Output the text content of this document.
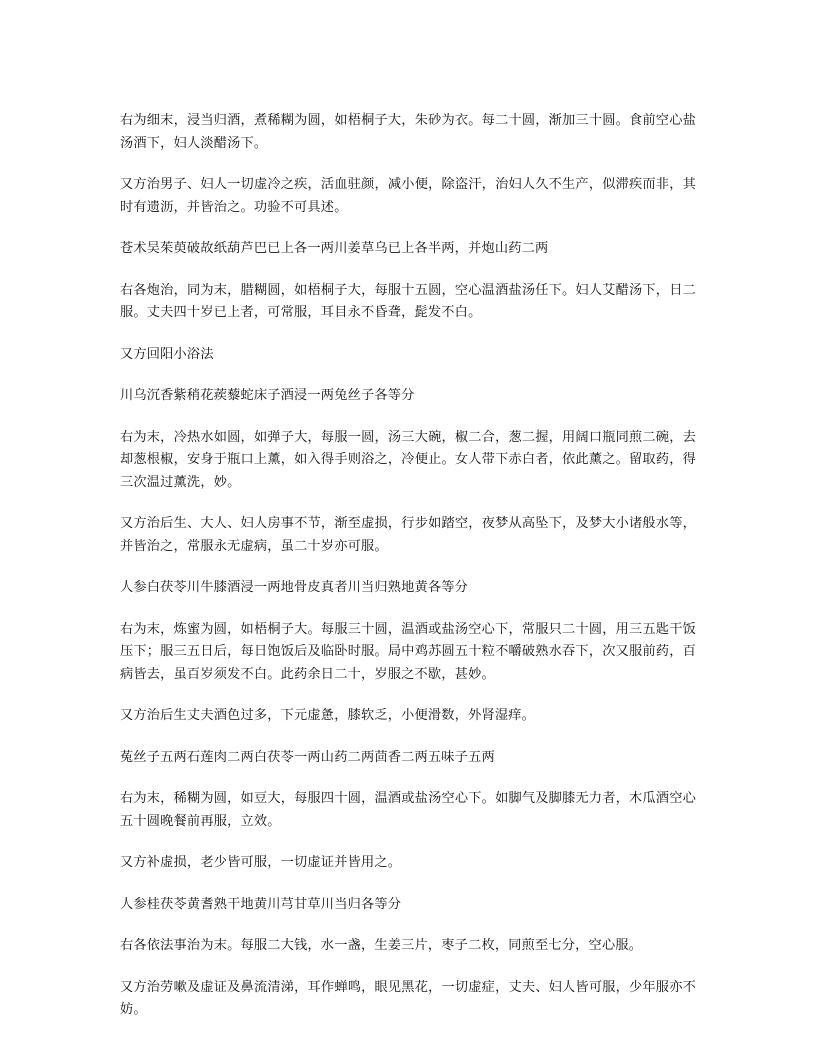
右为细末，浸当归酒，煮稀糊为圆，如梧桐子大，朱砂为衣。每二十圆，渐加三十圆。食前空心盐汤酒下，妇人淡醋汤下。

又方治男子、妇人一切虚冷之疾，活血驻颜，减小便，除盗汗，治妇人久不生产，似滞疾而非，其时有遗沥，并皆治之。功验不可具述。

苍术吴茱萸破故纸葫芦巴已上各一两川姜草乌已上各半两，并炮山药二两

右各炮治，同为末，腊糊圆，如梧桐子大，每服十五圆，空心温酒盐汤任下。妇人艾醋汤下，日二服。丈夫四十岁已上者，可常服，耳目永不昏聋，髭发不白。

又方回阳小浴法

川乌沉香紫稍花蒺藜蛇床子酒浸一两兔丝子各等分

右为末，冷热水如圆，如弹子大，每服一圆，汤三大碗，椒二合，葱二握，用阔口瓶同煎二碗，去却葱根椒，安身于瓶口上薰，如入得手则浴之，冷便止。女人带下赤白者，依此薰之。留取药，得三次温过薰洗，妙。

又方治后生、大人、妇人房事不节，渐至虚损，行步如踏空，夜梦从高坠下，及梦大小诸般水等，并皆治之，常服永无虚病，虽二十岁亦可服。

人参白茯苓川牛膝酒浸一两地骨皮真者川当归熟地黄各等分

右为末，炼蜜为圆，如梧桐子大。每服三十圆，温酒或盐汤空心下，常服只二十圆，用三五匙干饭压下；服三五日后，每日饱饭后及临卧时服。局中鸡苏圆五十粒不嚼破熟水吞下，次又服前药，百病皆去，虽百岁须发不白。此药余日二十，岁服之不歇，甚妙。

又方治后生丈夫酒色过多，下元虚惫，膝软乏，小便滑数，外肾湿痒。

菟丝子五两石莲肉二两白茯苓一两山药二两茴香二两五味子五两

右为末，稀糊为圆，如豆大，每服四十圆，温酒或盐汤空心下。如脚气及脚膝无力者，木瓜酒空心五十圆晚餐前再服，立效。

又方补虚损，老少皆可服，一切虚证并皆用之。

人参桂茯苓黄耆熟干地黄川芎甘草川当归各等分

右各依法事治为末。每服二大钱，水一盏，生姜三片，枣子二枚，同煎至七分，空心服。

又方治劳嗽及虚证及鼻流清涕，耳作蝉鸣，眼见黑花，一切虚症，丈夫、妇人皆可服，少年服亦不妨。
